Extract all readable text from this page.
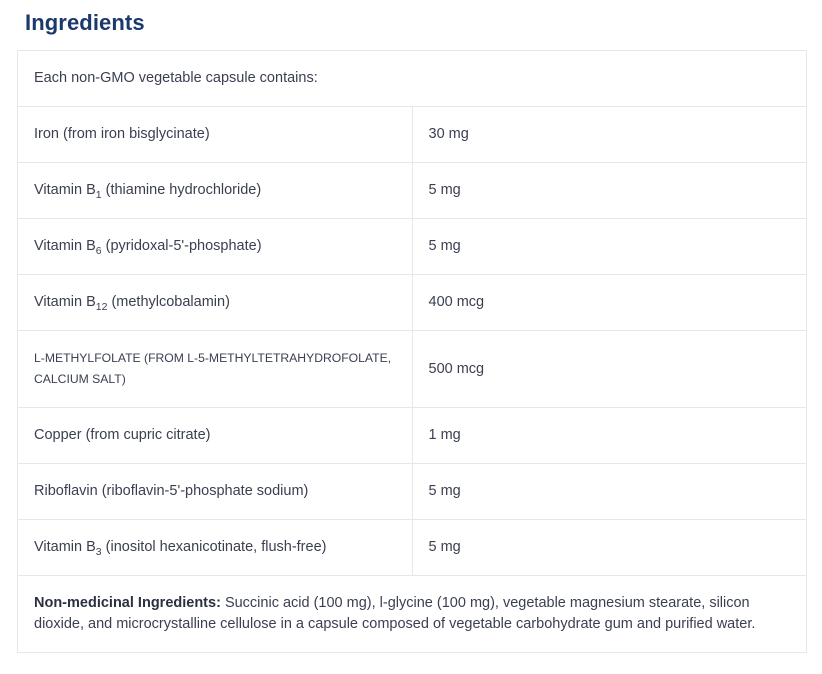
Ingredients
Each non-GMO vegetable capsule contains:	
Iron (from iron bisglycinate)	30 mg
Vitamin $B_1$ (thiamine hydrochloride)	5 mg
Vitamin $B_6$ (pyridoxal-5'-phosphate)	5 mg
Vitamin $B_{12}$ (methylcobalamin)	400 mcg
L-METHYLFOLATE (FROM L-5-METHYLTETRAHYDROFOLATE, CALCIUM SALT)	500 mcg
Copper (from cupric citrate)	1 mg
Riboflavin (riboflavin-5'-phosphate sodium)	5 mg
Vitamin $B_3$ (inositol hexanicotinate, flush-free)	5 mg
Non-medicinal Ingredients: Succinic acid (100 mg), l-glycine (100 mg), vegetable magnesium stearate, silicon dioxide, and microcrystalline cellulose in a capsule composed of vegetable carbohydrate gum and purified water.	
